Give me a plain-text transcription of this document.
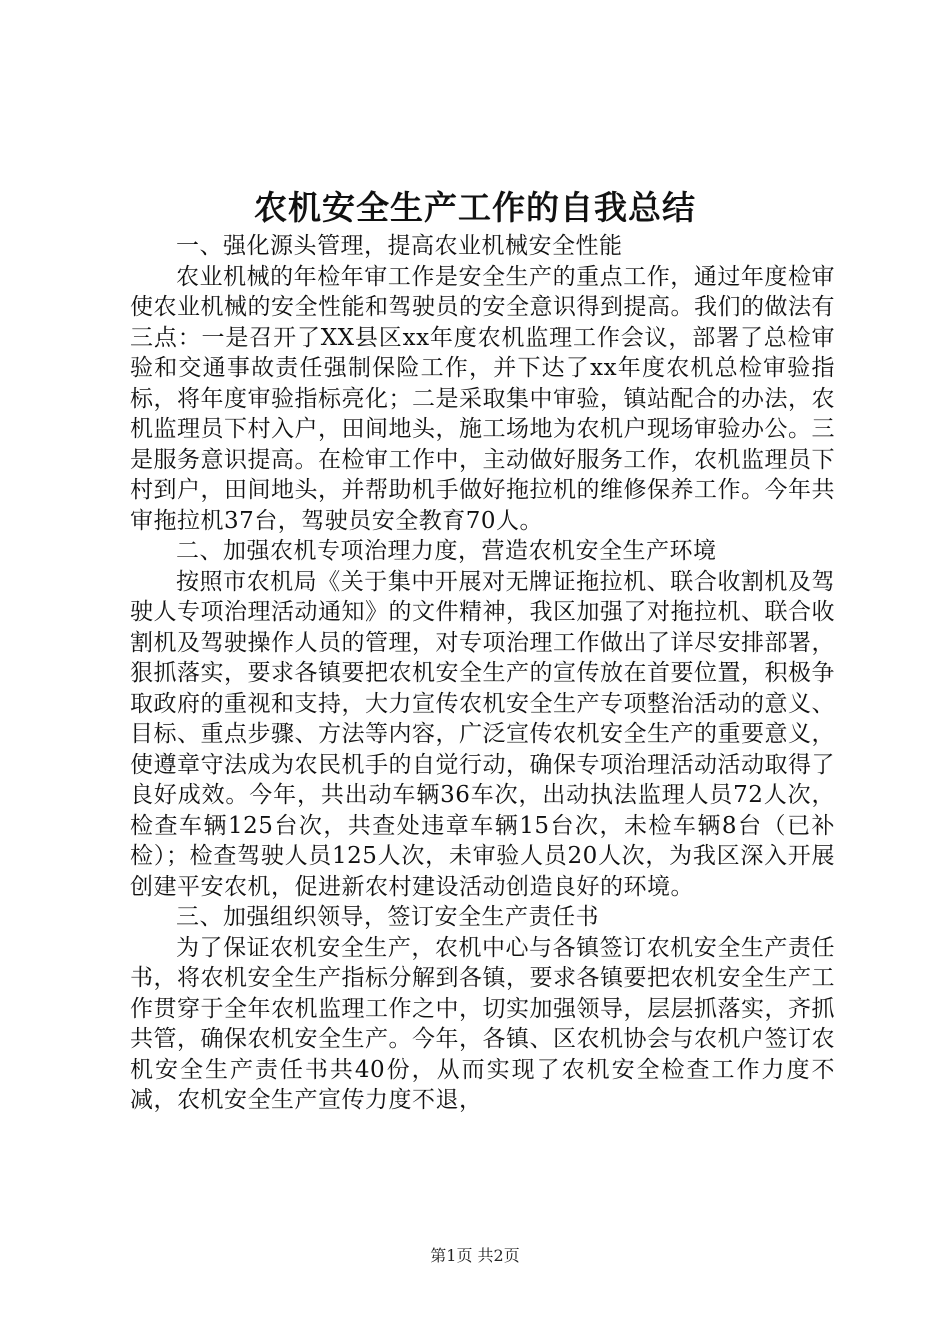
农机安全生产工作的自我总结

一、强化源头管理，提高农业机械安全性能

农业机械的年检年审工作是安全生产的重点工作，通过年度检审使农业机械的安全性能和驾驶员的安全意识得到提高。我们的做法有三点：一是召开了XX县区xx年度农机监理工作会议，部署了总检审验和交通事故责任强制保险工作，并下达了xx年度农机总检审验指标，将年度审验指标亮化；二是采取集中审验，镇站配合的办法，农机监理员下村入户，田间地头，施工场地为农机户现场审验办公。三是服务意识提高。在检审工作中，主动做好服务工作，农机监理员下村到户，田间地头，并帮助机手做好拖拉机的维修保养工作。今年共审拖拉机37台，驾驶员安全教育70人。

二、加强农机专项治理力度，营造农机安全生产环境

按照市农机局《关于集中开展对无牌证拖拉机、联合收割机及驾驶人专项治理活动通知》的文件精神，我区加强了对拖拉机、联合收割机及驾驶操作人员的管理，对专项治理工作做出了详尽安排部署，狠抓落实，要求各镇要把农机安全生产的宣传放在首要位置，积极争取政府的重视和支持，大力宣传农机安全生产专项整治活动的意义、目标、重点步骤、方法等内容，广泛宣传农机安全生产的重要意义，使遵章守法成为农民机手的自觉行动，确保专项治理活动活动取得了良好成效。今年，共出动车辆36车次，出动执法监理人员72人次，检查车辆125台次，共查处违章车辆15台次，未检车辆8台（已补检）；检查驾驶人员125人次，未审验人员20人次，为我区深入开展创建平安农机，促进新农村建设活动创造良好的环境。

三、加强组织领导，签订安全生产责任书

为了保证农机安全生产，农机中心与各镇签订农机安全生产责任书，将农机安全生产指标分解到各镇，要求各镇要把农机安全生产工作贯穿于全年农机监理工作之中，切实加强领导，层层抓落实，齐抓共管，确保农机安全生产。今年，各镇、区农机协会与农机户签订农机安全生产责任书共40份，从而实现了农机安全检查工作力度不减，农机安全生产宣传力度不退，

第1页 共2页
